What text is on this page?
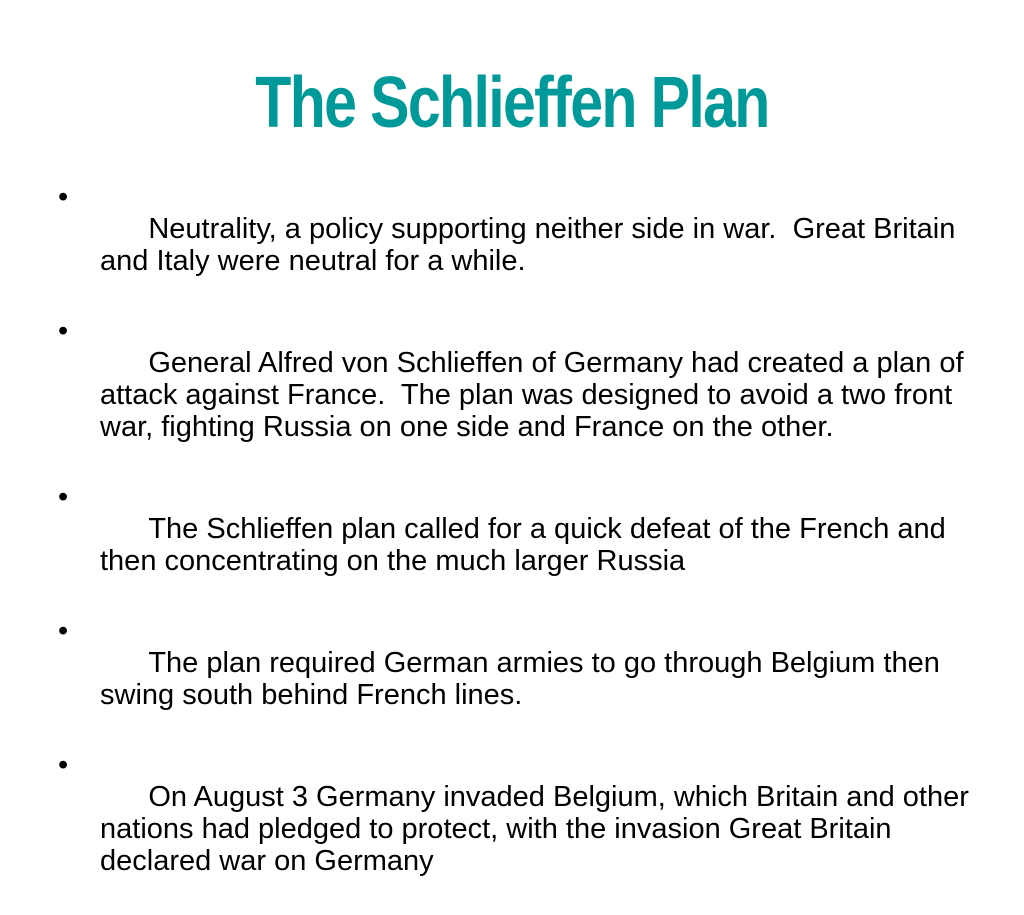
The Schlieffen Plan

•
Neutrality, a policy supporting neither side in war.  Great Britain and Italy were neutral for a while.

•
General Alfred von Schlieffen of Germany had created a plan of attack against France.  The plan was designed to avoid a two front war, fighting Russia on one side and France on the other.

•
The Schlieffen plan called for a quick defeat of the French and then concentrating on the much larger Russia

•
The plan required German armies to go through Belgium then swing south behind French lines.

•
On August 3 Germany invaded Belgium, which Britain and other nations had pledged to protect, with the invasion Great Britain declared war on Germany
